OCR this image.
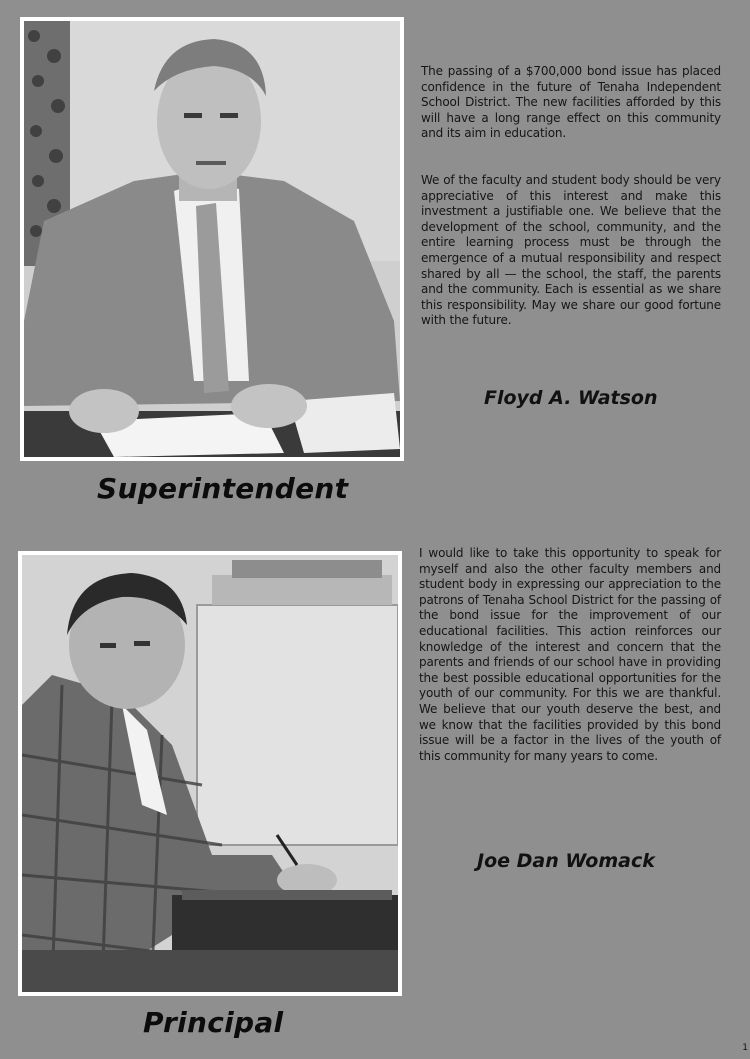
The passing of a $700,000 bond issue has placed confidence in the future of Tenaha Independent School District. The new facilities afforded by this will have a long range effect on this community and its aim in education.

We of the faculty and student body should be very appreciative of this interest and make this investment a justifiable one. We believe that the development of the school, community, and the entire learning process must be through the emergence of a mutual responsibility and respect shared by all — the school, the staff, the parents and the community. Each is essential as we share this responsibility. May we share our good fortune with the future.

Floyd A. Watson

Superintendent

I would like to take this opportunity to speak for myself and also the other faculty members and student body in expressing our appreciation to the patrons of Tenaha School District for the passing of the bond issue for the improvement of our educational facilities. This action reinforces our knowledge of the interest and concern that the parents and friends of our school have in providing the best possible educational opportunities for the youth of our community. For this we are thankful. We believe that our youth deserve the best, and we know that the facilities provided by this bond issue will be a factor in the lives of the youth of this community for many years to come.

Joe Dan Womack

Principal
1
